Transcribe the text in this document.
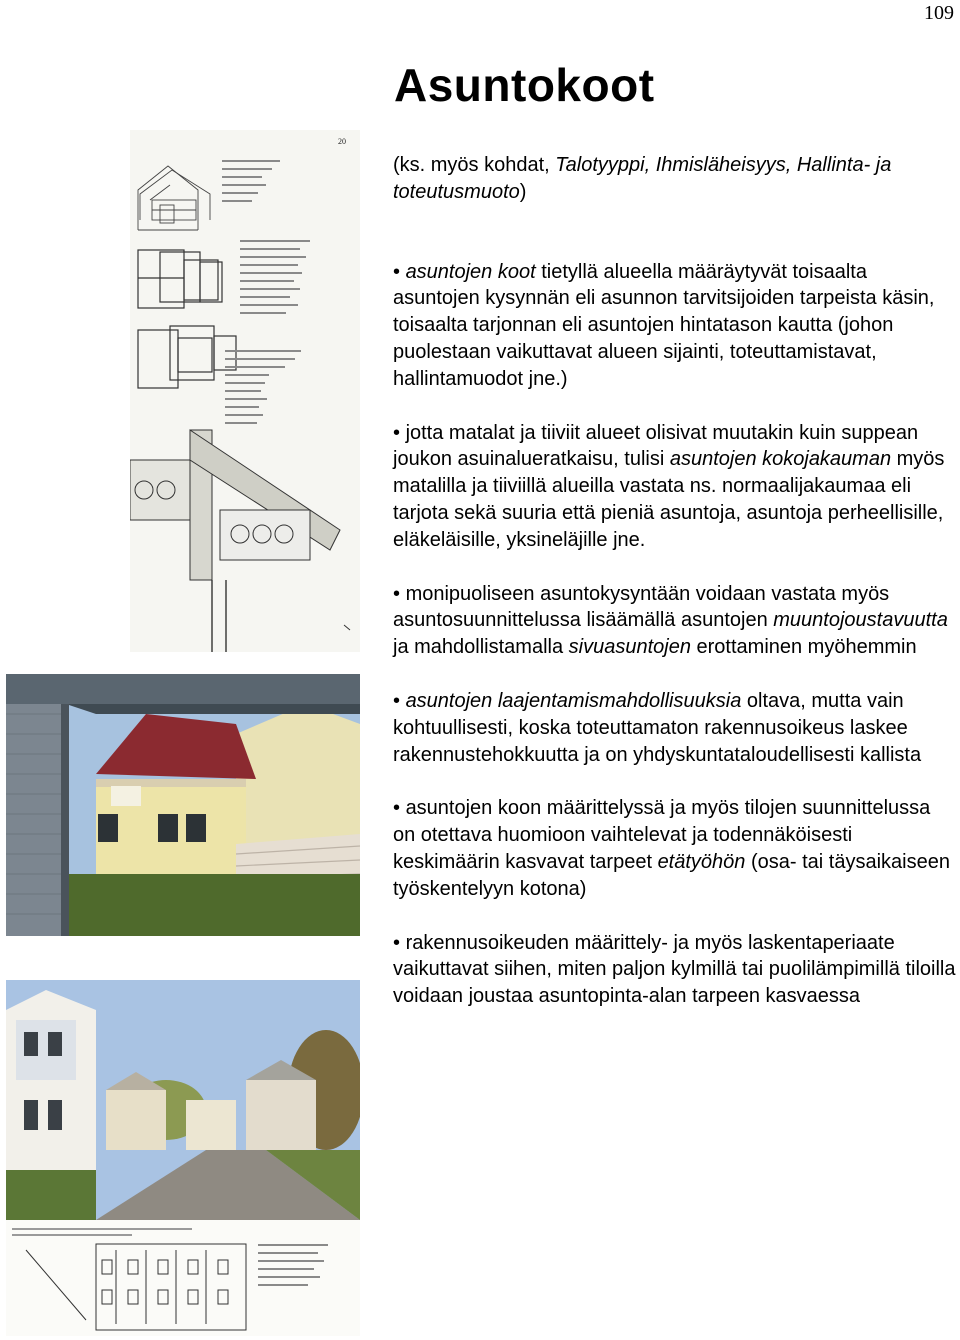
109
Asuntokoot
20

(ks. myös kohdat, Talotyyppi, Ihmisläheisyys, Hallinta- ja toteutusmuoto)

• asuntojen koot tietyllä alueella määräytyvät toisaalta asuntojen kysynnän eli asunnon tarvitsijoiden tarpeista käsin, toisaalta tarjonnan eli asuntojen hintatason kautta (johon puolestaan vaikuttavat alueen sijainti, toteuttamistavat, hallintamuodot jne.)

• jotta matalat ja tiiviit alueet olisivat muutakin kuin suppean joukon asuinalueratkaisu, tulisi asuntojen kokojakauman myös matalilla ja tiiviillä alueilla vastata ns. normaalijakaumaa eli tarjota sekä suuria että pieniä asuntoja, asuntoja perheellisille, eläkeläisille, yksineläjille jne.

• monipuoliseen asuntokysyntään voidaan vastata myös asuntosuunnittelussa lisäämällä asuntojen muuntojoustavuutta ja mahdollistamalla sivuasuntojen erottaminen myöhemmin

• asuntojen laajentamismahdollisuuksia oltava, mutta vain kohtuullisesti, koska toteuttamaton rakennusoikeus laskee rakennustehokkuutta ja on yhdyskuntataloudellisesti kallista

• asuntojen koon määrittelyssä ja myös tilojen suunnittelussa on otettava huomioon vaihtelevat ja todennäköisesti keskimäärin kasvavat tarpeet etätyöhön (osa- tai täysaikaiseen työskentelyyn kotona)

• rakennusoikeuden määrittely- ja myös laskentaperiaate vaikuttavat siihen, miten paljon kylmillä tai puolilämpimillä tiloilla voidaan joustaa asuntopinta-alan tarpeen kasvaessa
